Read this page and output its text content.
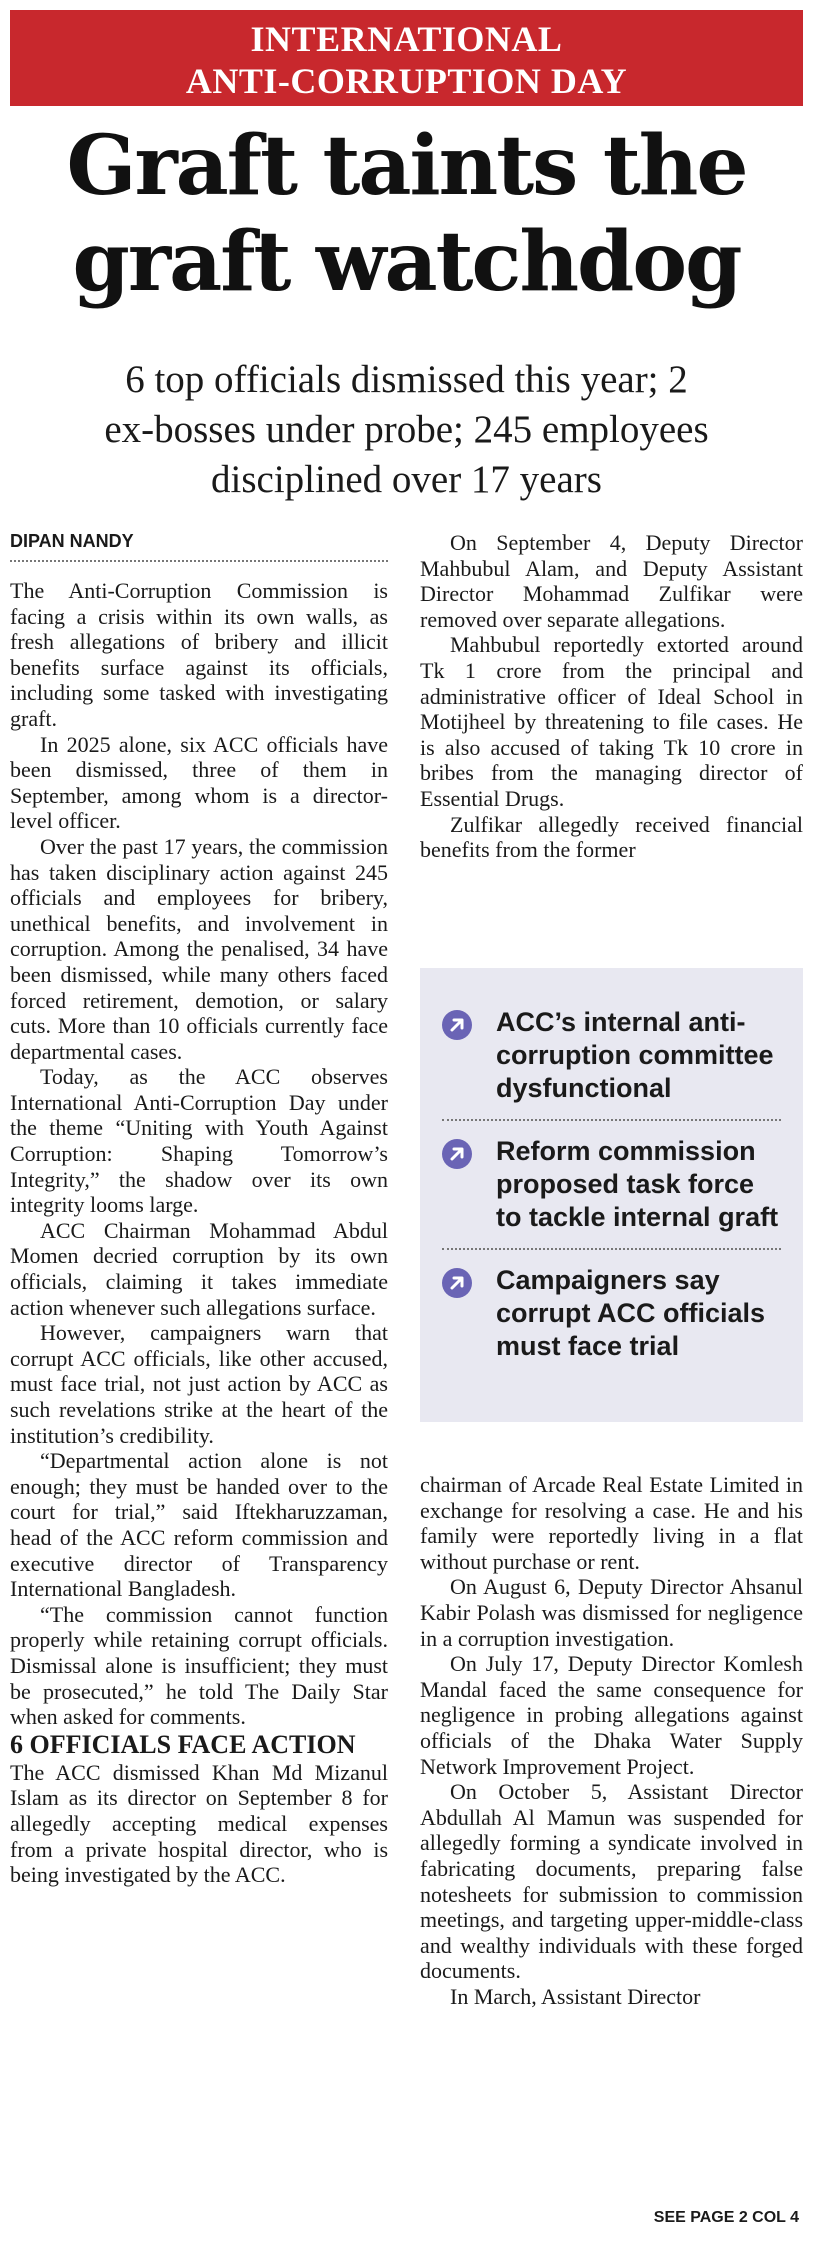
INTERNATIONAL
ANTI-CORRUPTION DAY
Graft taints the
graft watchdog
6 top officials dismissed this year; 2
ex-bosses under probe; 245 employees
disciplined over 17 years
DIPAN NANDY

The Anti-Corruption Commission is facing a crisis within its own walls, as fresh allegations of bribery and illicit benefits surface against its officials, including some tasked with investigating graft.

In 2025 alone, six ACC officials have been dismissed, three of them in September, among whom is a director-level officer.

Over the past 17 years, the commission has taken disciplinary action against 245 officials and employees for bribery, unethical benefits, and involvement in corruption. Among the penalised, 34 have been dismissed, while many others faced forced retirement, demotion, or salary cuts. More than 10 officials currently face departmental cases.

Today, as the ACC observes International Anti-Corruption Day under the theme “Uniting with Youth Against Corruption: Shaping Tomorrow’s Integrity,” the shadow over its own integrity looms large.

ACC Chairman Mohammad Abdul Momen decried corruption by its own officials, claiming it takes immediate action whenever such allegations surface.

However, campaigners warn that corrupt ACC officials, like other accused, must face trial, not just action by ACC as such revelations strike at the heart of the institution’s credibility.

“Departmental action alone is not enough; they must be handed over to the court for trial,” said Iftekharuzzaman, head of the ACC reform commission and executive director of Transparency International Bangladesh.

“The commission cannot function properly while retaining corrupt officials. Dismissal alone is insufficient; they must be prosecuted,” he told The Daily Star when asked for comments.

6 OFFICIALS FACE ACTION

The ACC dismissed Khan Md Mizanul Islam as its director on September 8 for allegedly accepting medical expenses from a private hospital director, who is being investigated by the ACC.

On September 4, Deputy Director Mahbubul Alam, and Deputy Assistant Director Mohammad Zulfikar were removed over separate allegations.

Mahbubul reportedly extorted around Tk 1 crore from the principal and administrative officer of Ideal School in Motijheel by threatening to file cases. He is also accused of taking Tk 10 crore in bribes from the managing director of Essential Drugs.

Zulfikar allegedly received financial benefits from the former

ACC’s internal anti-corruption committee dysfunctional
Reform commission proposed task force to tackle internal graft
Campaigners say corrupt ACC officials must face trial

chairman of Arcade Real Estate Limited in exchange for resolving a case. He and his family were reportedly living in a flat without purchase or rent.

On August 6, Deputy Director Ahsanul Kabir Polash was dismissed for negligence in a corruption investigation.

On July 17, Deputy Director Komlesh Mandal faced the same consequence for negligence in probing allegations against officials of the Dhaka Water Supply Network Improvement Project.

On October 5, Assistant Director Abdullah Al Mamun was suspended for allegedly forming a syndicate involved in fabricating documents, preparing false notesheets for submission to commission meetings, and targeting upper-middle-class and wealthy individuals with these forged documents.

In March, Assistant Director

SEE PAGE 2 COL 4
